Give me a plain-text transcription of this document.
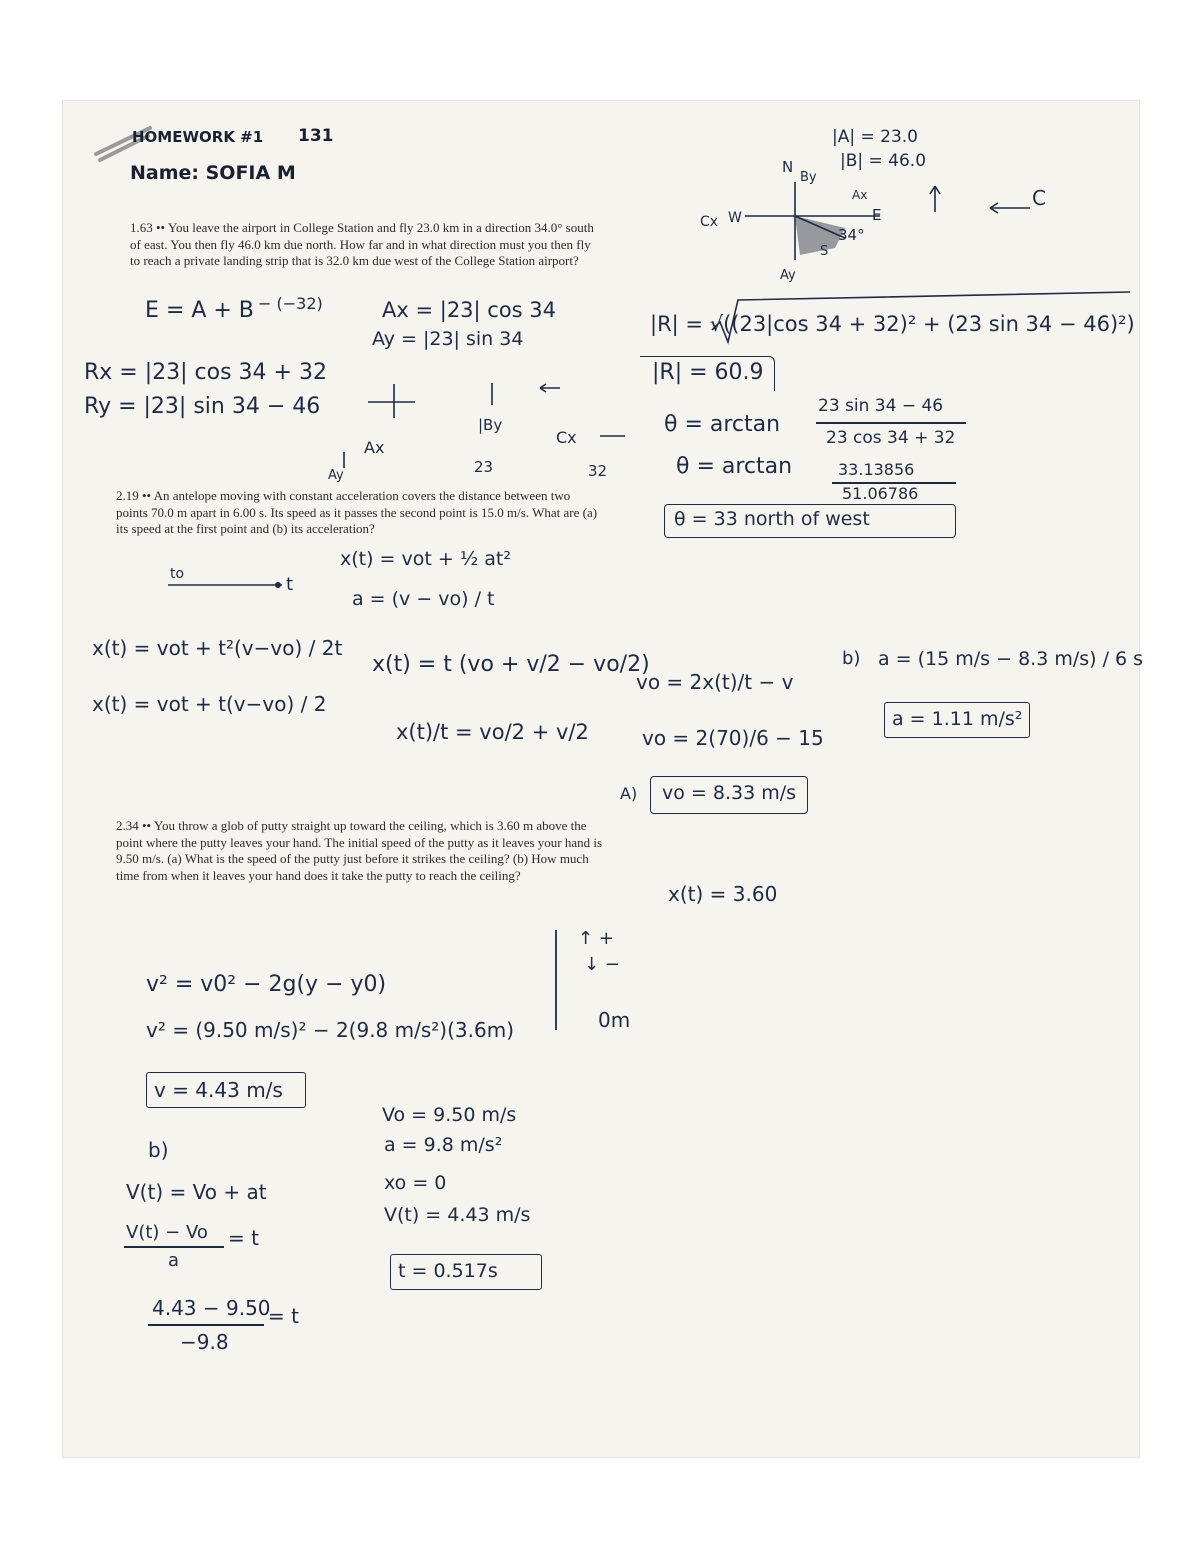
HOMEWORK #1 131
Name: SOFIA M
1.63 •• You leave the airport in College Station and fly 23.0 km in a direction 34.0° south of east. You then fly 46.0 km due north. How far and in what direction must you then fly to reach a private landing strip that is 32.0 km due west of the College Station airport?
|A| = 23.0
|B| = 46.0
N
By
Ax
Cx W	E
34°
S
Ay
C
E = A + B − (−32)	Ax = |23| cos 34
Ay = |23| sin 34
Rx = |23| cos 34 + 32
Ry = |23| sin 34 − 46
Ax
|By
Ay
Cx
23	32
|R| = √((23|cos 34 + 32)² + (23 sin 34 − 46)²)
|R| = 60.9
θ = arctan
23 sin 34 − 46
23 cos 34 + 32
θ = arctan	33.13856
51.06786
θ = 33 north of west
2.19 •• An antelope moving with constant acceleration covers the distance between two points 70.0 m apart in 6.00 s. Its speed as it passes the second point is 15.0 m/s. What are (a) its speed at the first point and (b) its acceleration?
x(t) = vot + ½ at²
to	t
a = (v − vo) / t
x(t) = vot + t²(v−vo) / 2t
x(t) = vot + t(v−vo) / 2
x(t) = t (vo + v/2 − vo/2)
x(t)/t = vo/2 + v/2
vo = 2x(t)/t − v
vo = 2(70)/6 − 15
A) vo = 8.33 m/s
b) a = (15 m/s − 8.3 m/s) / 6 s
a = 1.11 m/s²
2.34 •• You throw a glob of putty straight up toward the ceiling, which is 3.60 m above the point where the putty leaves your hand. The initial speed of the putty as it leaves your hand is 9.50 m/s. (a) What is the speed of the putty just before it strikes the ceiling? (b) How much time from when it leaves your hand does it take the putty to reach the ceiling?
x(t) = 3.60
↑ +
↓ −
0m
v² = v0² − 2g(y − y0)
v² = (9.50 m/s)² − 2(9.8 m/s²)(3.6m)
v = 4.43 m/s
b)
Vo = 9.50 m/s
a = 9.8 m/s²
xo = 0
V(t) = 4.43 m/s
V(t) = Vo + at
V(t) − Vo
a
= t
t = 0.517s
4.43 − 9.50
−9.8
= t
